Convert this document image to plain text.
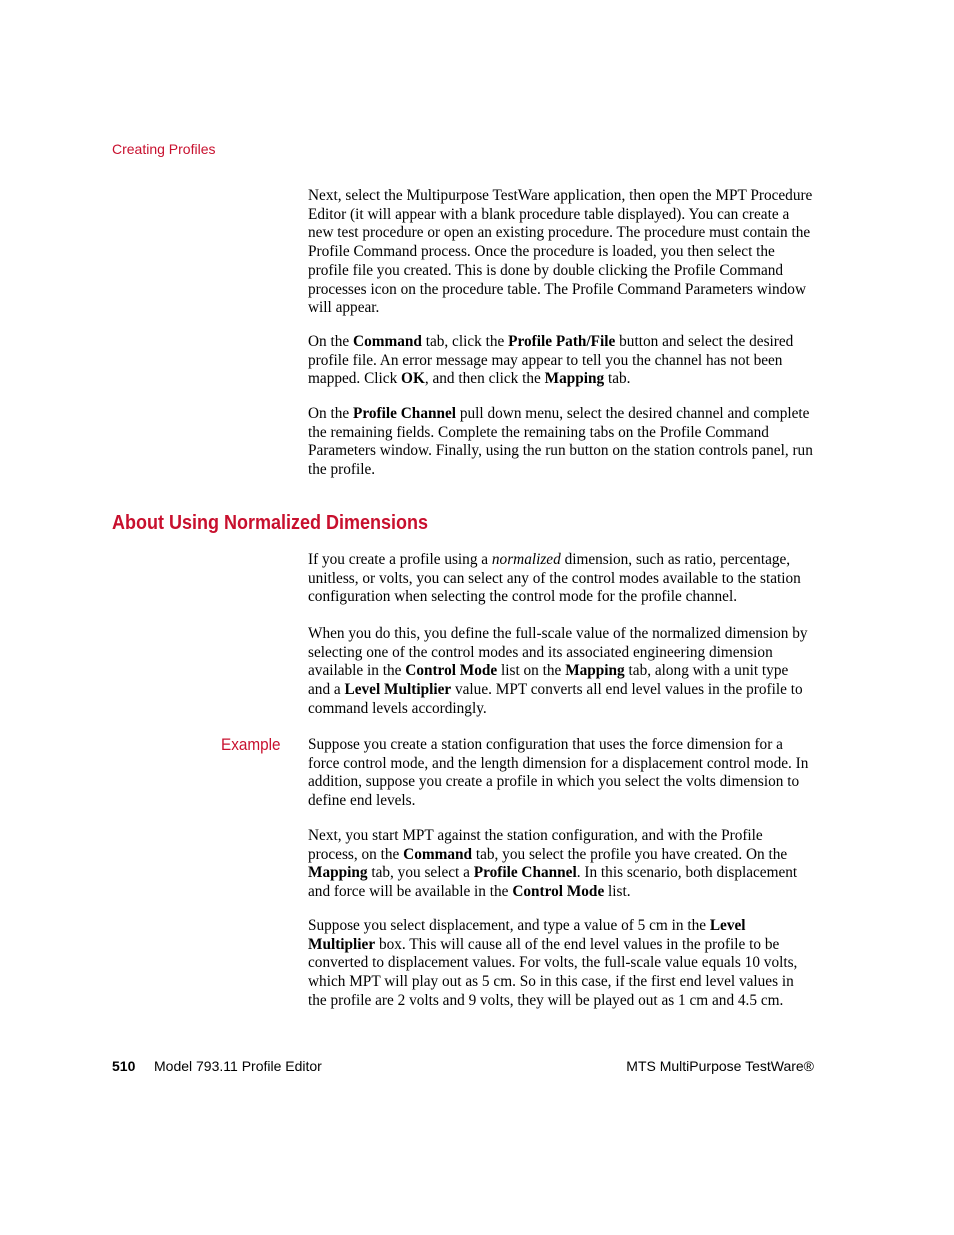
Creating Profiles

Next, select the Multipurpose TestWare application, then open the MPT Procedure Editor (it will appear with a blank procedure table displayed). You can create a new test procedure or open an existing procedure. The procedure must contain the Profile Command process. Once the procedure is loaded, you then select the profile file you created. This is done by double clicking the Profile Command processes icon on the procedure table. The Profile Command Parameters window will appear.

On the Command tab, click the Profile Path/File button and select the desired profile file. An error message may appear to tell you the channel has not been mapped. Click OK, and then click the Mapping tab.

On the Profile Channel pull down menu, select the desired channel and complete the remaining fields. Complete the remaining tabs on the Profile Command Parameters window. Finally, using the run button on the station controls panel, run the profile.

About Using Normalized Dimensions

If you create a profile using a normalized dimension, such as ratio, percentage, unitless, or volts, you can select any of the control modes available to the station configuration when selecting the control mode for the profile channel.

When you do this, you define the full-scale value of the normalized dimension by selecting one of the control modes and its associated engineering dimension available in the Control Mode list on the Mapping tab, along with a unit type and a Level Multiplier value. MPT converts all end level values in the profile to command levels accordingly.

Example Suppose you create a station configuration that uses the force dimension for a force control mode, and the length dimension for a displacement control mode. In addition, suppose you create a profile in which you select the volts dimension to define end levels.

Next, you start MPT against the station configuration, and with the Profile process, on the Command tab, you select the profile you have created. On the Mapping tab, you select a Profile Channel. In this scenario, both displacement and force will be available in the Control Mode list.

Suppose you select displacement, and type a value of 5 cm in the Level Multiplier box. This will cause all of the end level values in the profile to be converted to displacement values. For volts, the full-scale value equals 10 volts, which MPT will play out as 5 cm. So in this case, if the first end level values in the profile are 2 volts and 9 volts, they will be played out as 1 cm and 4.5 cm.

510 Model 793.11 Profile Editor	MTS MultiPurpose TestWare®
